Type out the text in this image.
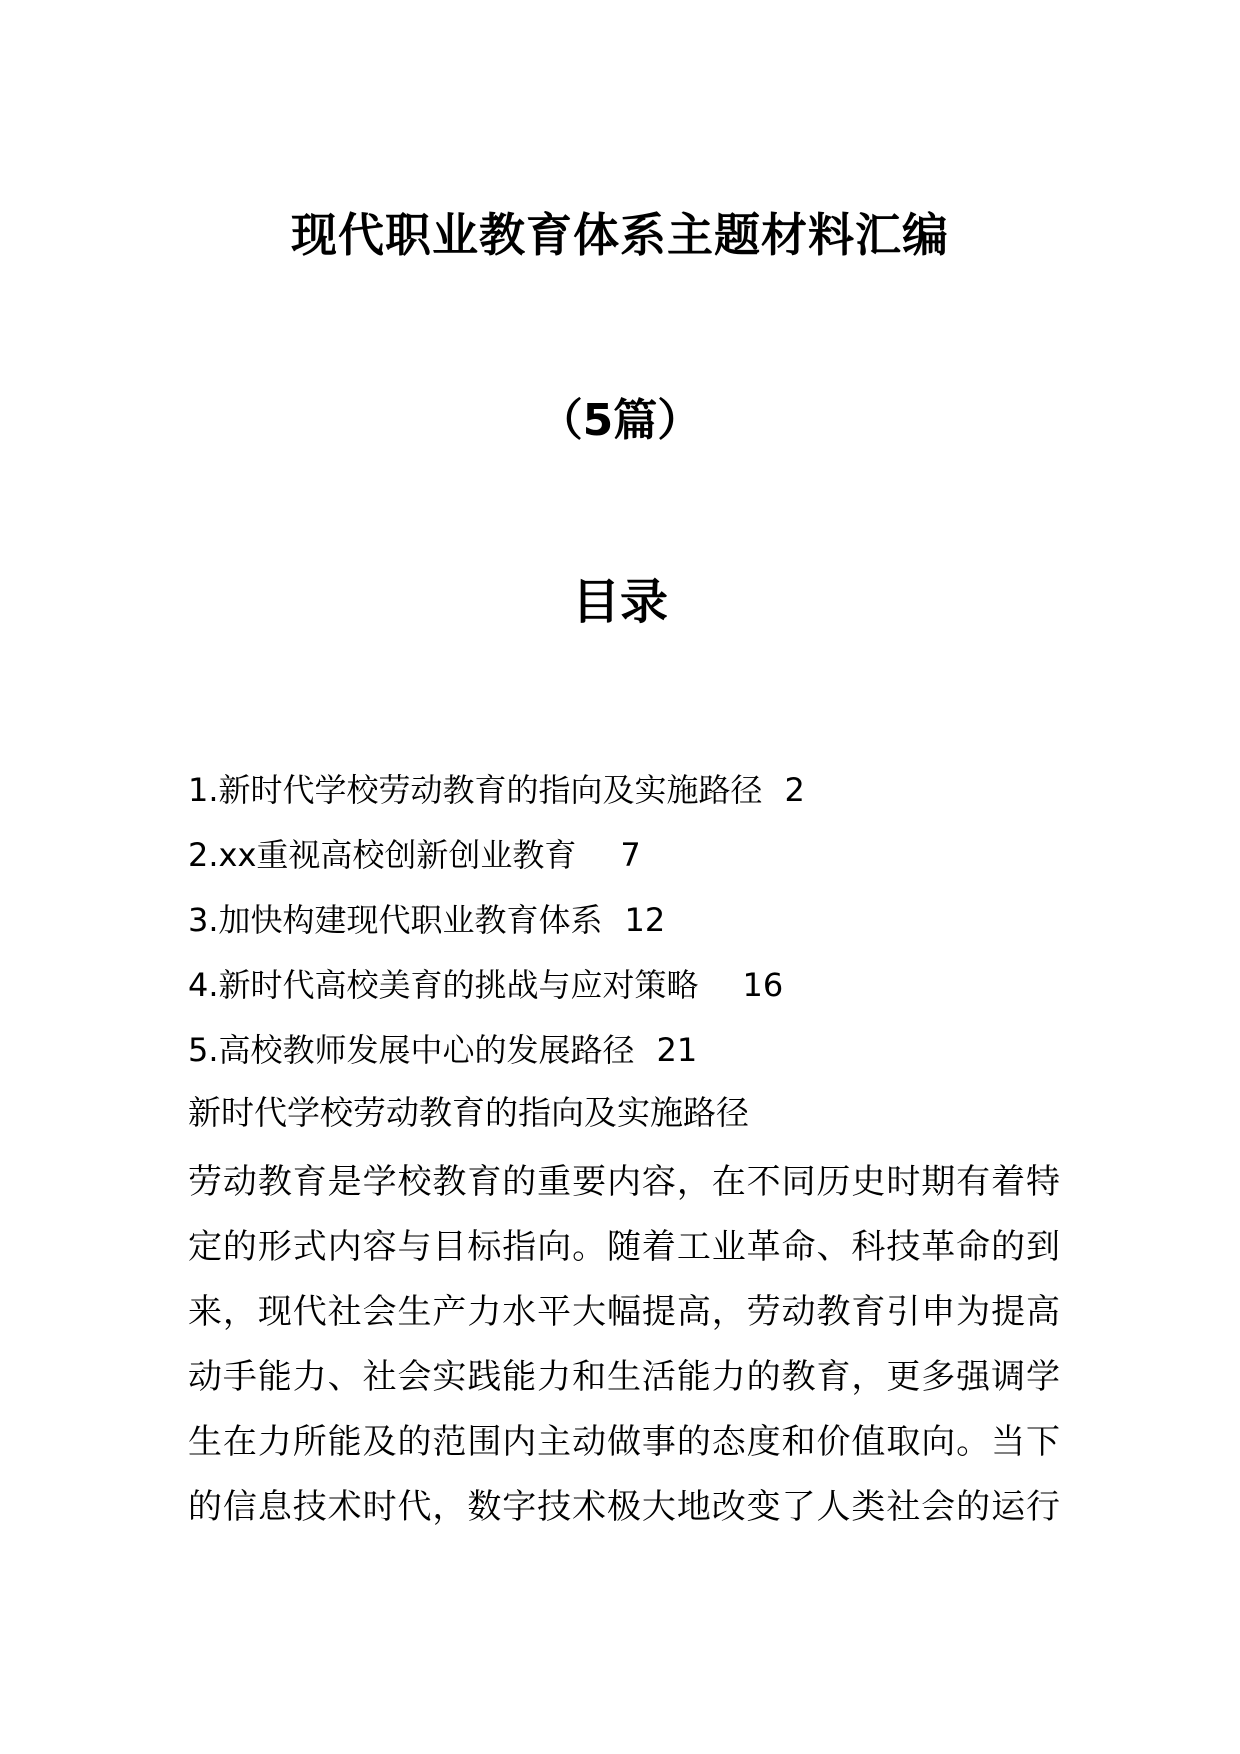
现代职业教育体系主题材料汇编
（5篇）
目录
1.新时代学校劳动教育的指向及实施路径 2
2.xx重视高校创新创业教育 7
3.加快构建现代职业教育体系 12
4.新时代高校美育的挑战与应对策略 16
5.高校教师发展中心的发展路径 21
新时代学校劳动教育的指向及实施路径
劳动教育是学校教育的重要内容，在不同历史时期有着特
定的形式内容与目标指向。随着工业革命、科技革命的到
来，现代社会生产力水平大幅提高，劳动教育引申为提高
动手能力、社会实践能力和生活能力的教育，更多强调学
生在力所能及的范围内主动做事的态度和价值取向。当下
的信息技术时代，数字技术极大地改变了人类社会的运行
